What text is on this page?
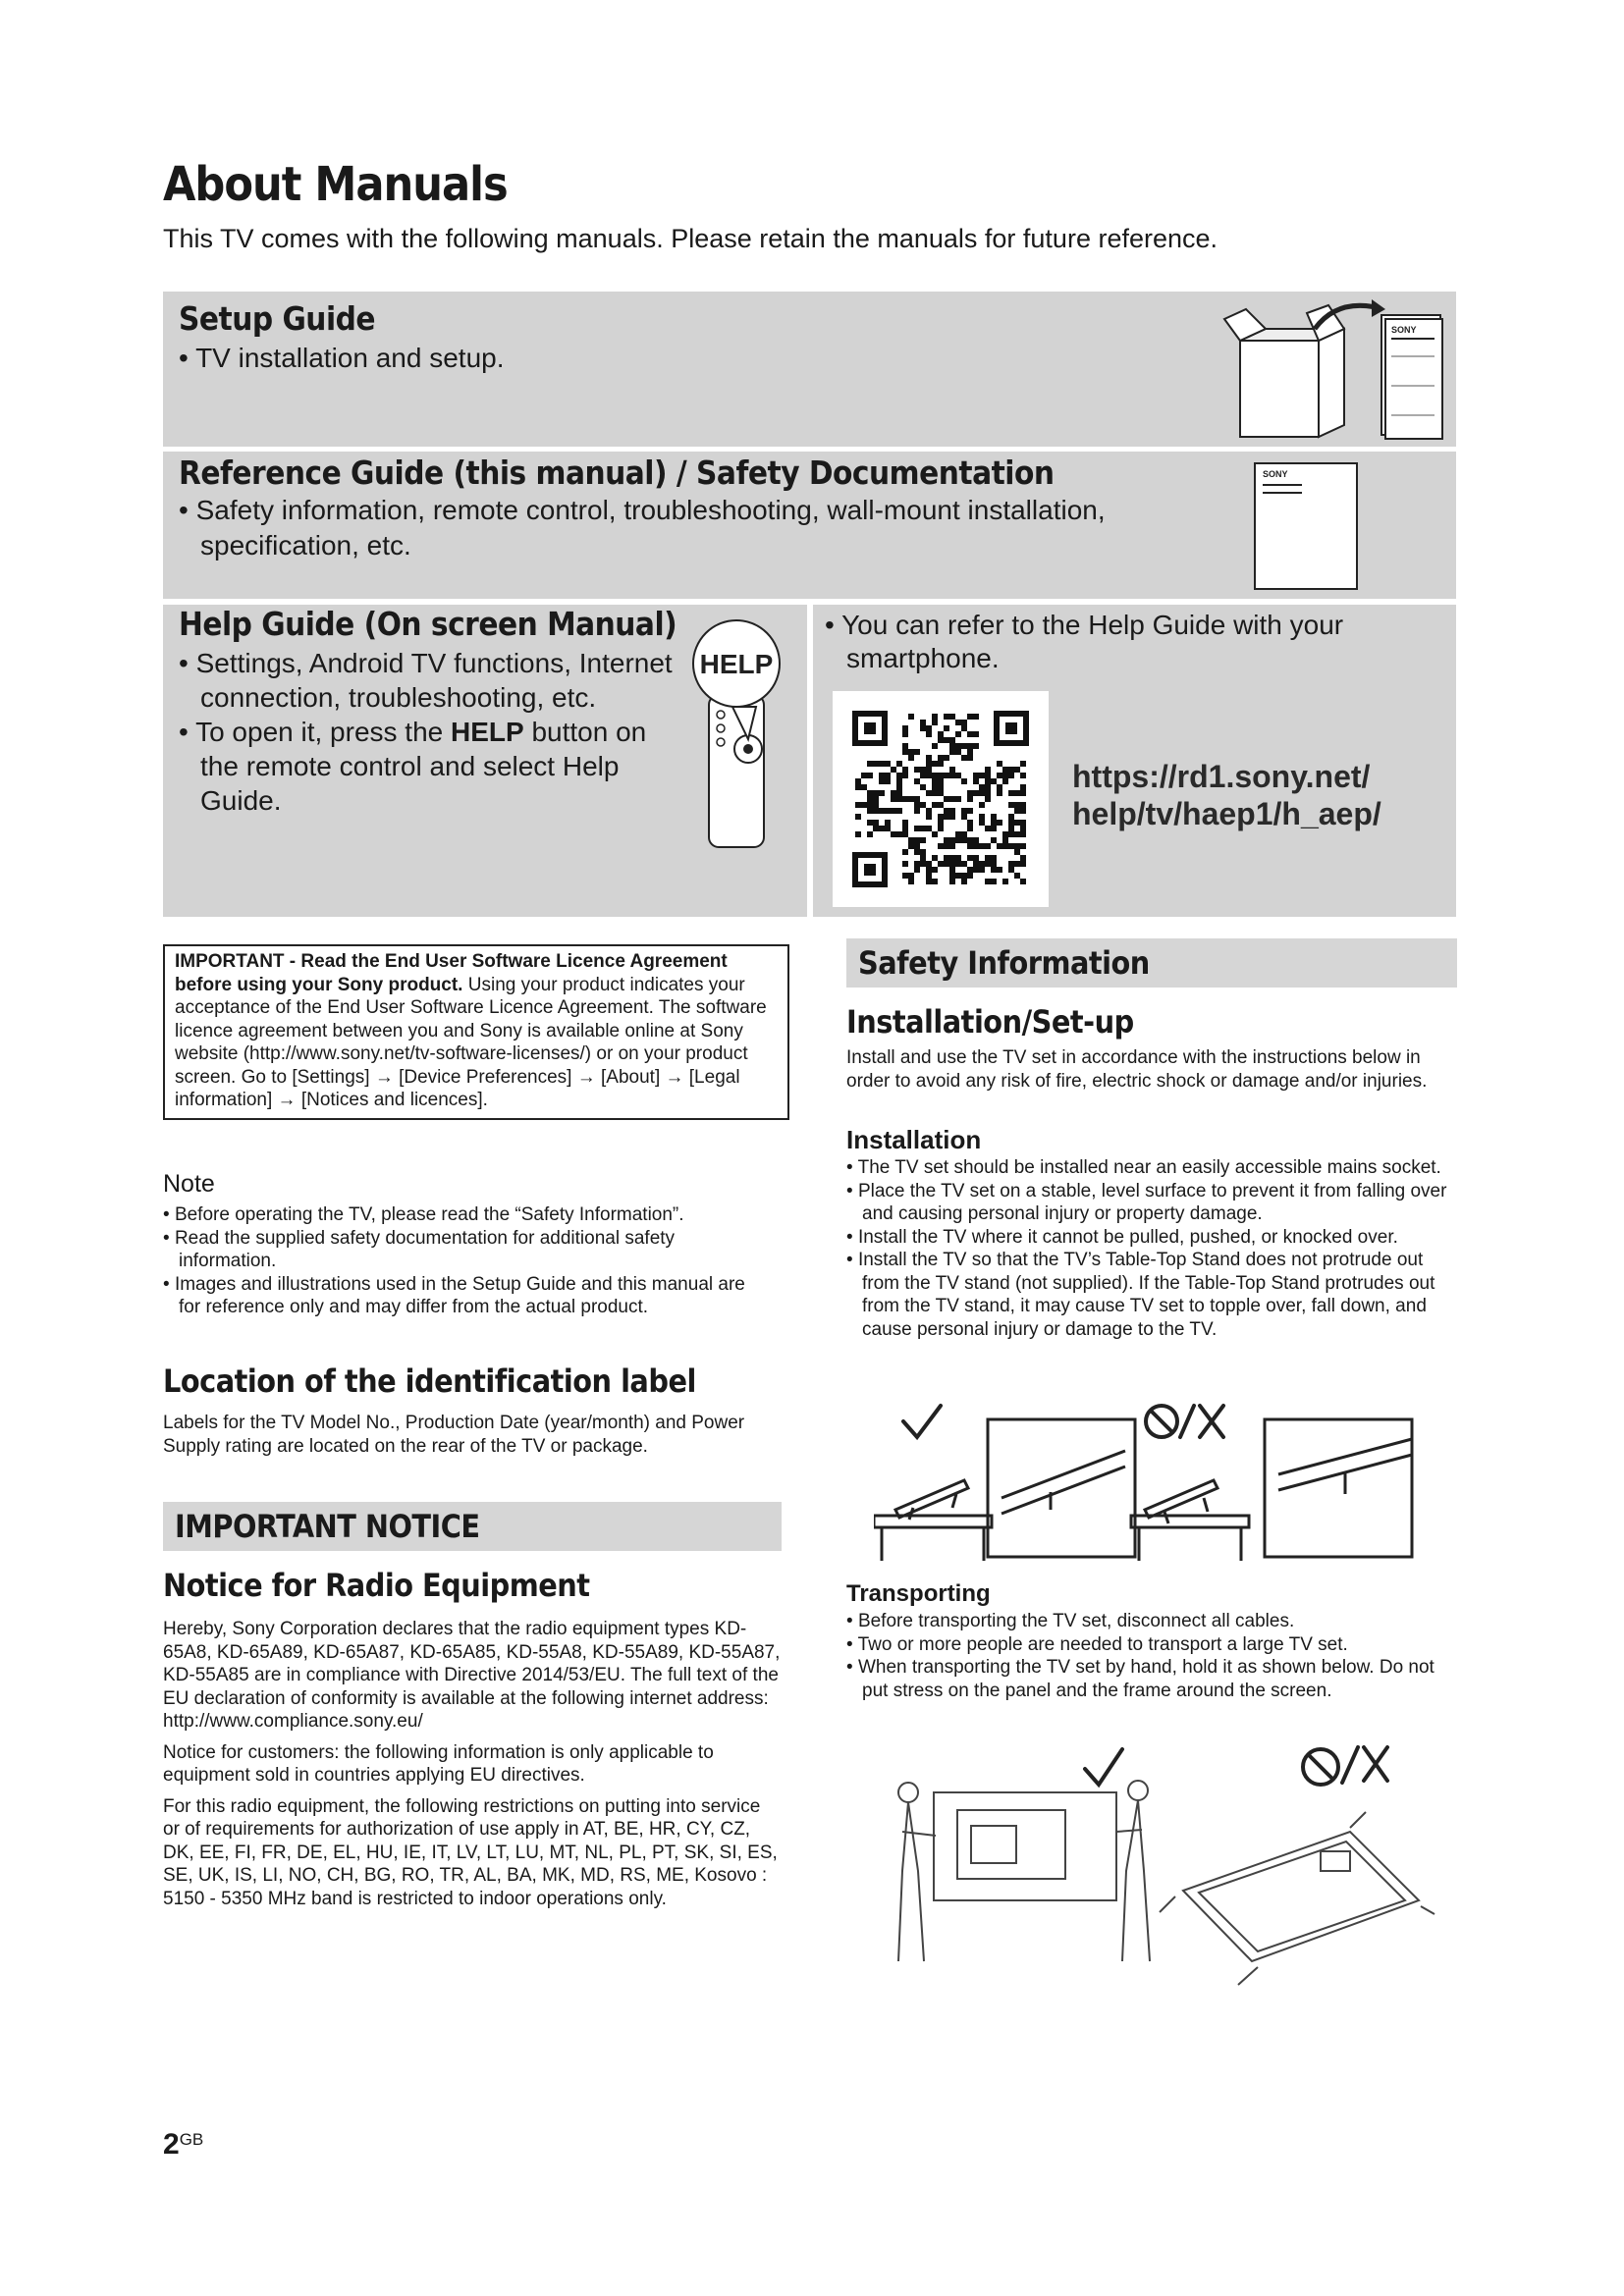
About Manuals
This TV comes with the following manuals. Please retain the manuals for future reference.
Setup Guide
• TV installation and setup.
SONY
Reference Guide (this manual) / Safety Documentation
• Safety information, remote control, troubleshooting, wall-mount installation,
specification, etc.
SONY
Help Guide (On screen Manual)
• Settings, Android TV functions, Internet connection, troubleshooting, etc.
• To open it, press the HELP button on the remote control and select Help Guide.
HELP
• You can refer to the Help Guide with your smartphone.
https://rd1.sony.net/
help/tv/haep1/h_aep/
IMPORTANT - Read the End User Software Licence Agreement before using your Sony product. Using your product indicates your acceptance of the End User Software Licence Agreement. The software licence agreement between you and Sony is available online at Sony website (http://www.sony.net/tv-software-licenses/) or on your product screen. Go to [Settings] → [Device Preferences] → [About] → [Legal information] → [Notices and licences].
Note
• Before operating the TV, please read the “Safety Information”.
• Read the supplied safety documentation for additional safety information.
• Images and illustrations used in the Setup Guide and this manual are for reference only and may differ from the actual product.
Location of the identification label
Labels for the TV Model No., Production Date (year/month) and Power Supply rating are located on the rear of the TV or package.
IMPORTANT NOTICE
Notice for Radio Equipment

Hereby, Sony Corporation declares that the radio equipment types KD-65A8, KD-65A89, KD-65A87, KD-65A85, KD-55A8, KD-55A89, KD-55A87, KD-55A85 are in compliance with Directive 2014/53/EU. The full text of the EU declaration of conformity is available at the following internet address: http://www.compliance.sony.eu/

Notice for customers: the following information is only applicable to equipment sold in countries applying EU directives.

For this radio equipment, the following restrictions on putting into service or of requirements for authorization of use apply in AT, BE, HR, CY, CZ, DK, EE, FI, FR, DE, EL, HU, IE, IT, LV, LT, LU, MT, NL, PL, PT, SK, SI, ES, SE, UK, IS, LI, NO, CH, BG, RO, TR, AL, BA, MK, MD, RS, ME, Kosovo :

5150 - 5350 MHz band is restricted to indoor operations only.

Safety Information
Installation/Set-up
Install and use the TV set in accordance with the instructions below in order to avoid any risk of fire, electric shock or damage and/or injuries.
Installation
• The TV set should be installed near an easily accessible mains socket.
• Place the TV set on a stable, level surface to prevent it from falling over and causing personal injury or property damage.
• Install the TV where it cannot be pulled, pushed, or knocked over.
• Install the TV so that the TV’s Table-Top Stand does not protrude out from the TV stand (not supplied). If the Table-Top Stand protrudes out from the TV stand, it may cause TV set to topple over, fall down, and cause personal injury or damage to the TV.
Transporting
• Before transporting the TV set, disconnect all cables.
• Two or more people are needed to transport a large TV set.
• When transporting the TV set by hand, hold it as shown below. Do not put stress on the panel and the frame around the screen.
$2^{GB}$
